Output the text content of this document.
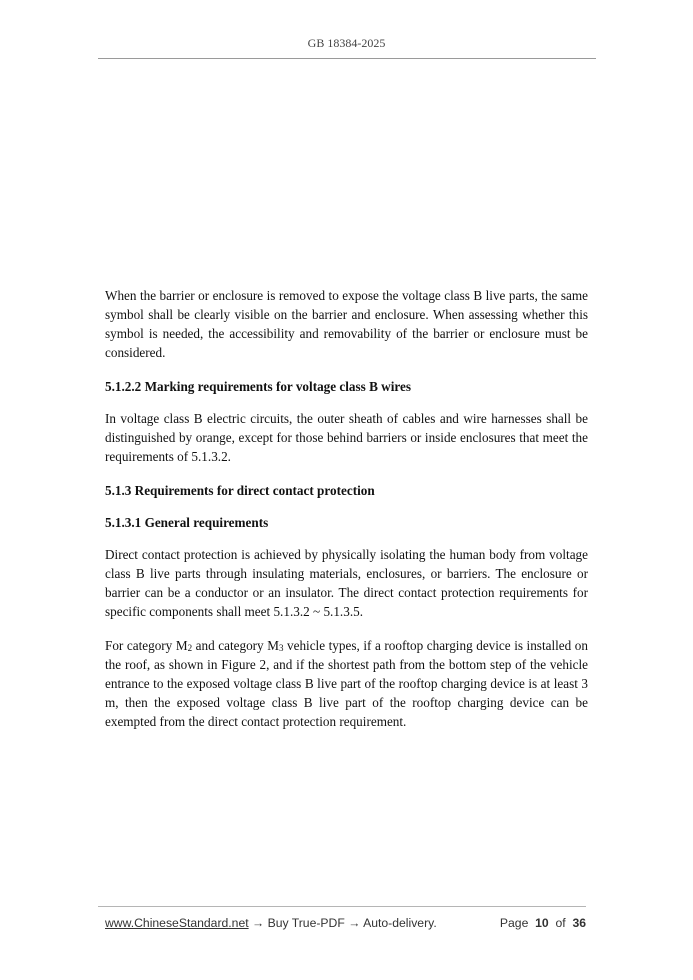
GB 18384-2025

When the barrier or enclosure is removed to expose the voltage class B live parts, the same symbol shall be clearly visible on the barrier and enclosure. When assessing whether this symbol is needed, the accessibility and removability of the barrier or enclosure must be considered.

5.1.2.2 Marking requirements for voltage class B wires

In voltage class B electric circuits, the outer sheath of cables and wire harnesses shall be distinguished by orange, except for those behind barriers or inside enclosures that meet the requirements of 5.1.3.2.

5.1.3 Requirements for direct contact protection
5.1.3.1 General requirements

Direct contact protection is achieved by physically isolating the human body from voltage class B live parts through insulating materials, enclosures, or barriers. The enclosure or barrier can be a conductor or an insulator. The direct contact protection requirements for specific components shall meet 5.1.3.2 ~ 5.1.3.5.

For category M2 and category M3 vehicle types, if a rooftop charging device is installed on the roof, as shown in Figure 2, and if the shortest path from the bottom step of the vehicle entrance to the exposed voltage class B live part of the rooftop charging device is at least 3 m, then the exposed voltage class B live part of the rooftop charging device can be exempted from the direct contact protection requirement.

www.ChineseStandard.net → Buy True-PDF → Auto-delivery.	Page 10 of 36
